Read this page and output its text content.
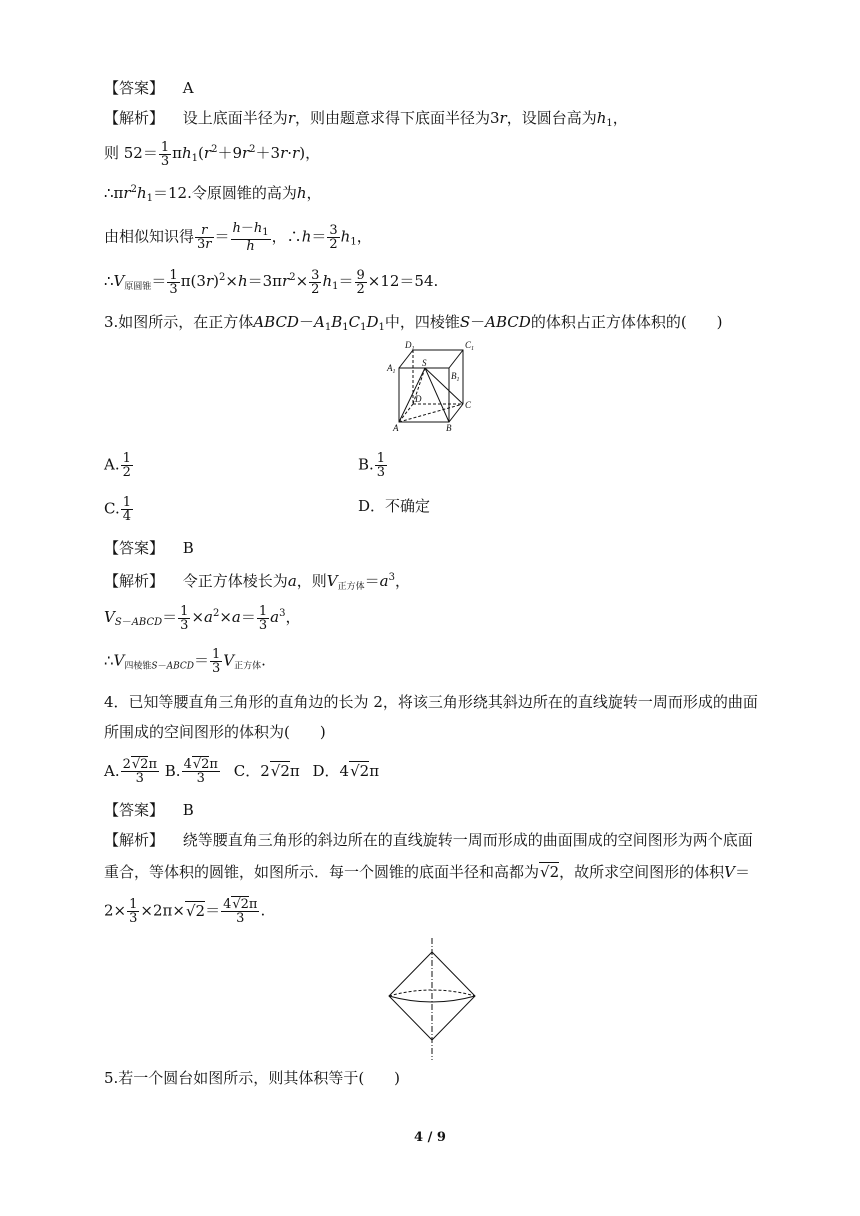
【答案】 A
【解析】 设上底面半径为r，则由题意求得下底面半径为3r，设圆台高为$h_1$，
则 $52= \frac{1}{3} \pi h_1(r^2+9r^2+3r\cdot r)$，
$\therefore\pi r^2h_1=12$.令原圆锥的高为h，
由相似知识得 $\frac{r}{3r} = \frac{h-h_1}{h}$ ，∴h＝ $\frac{3}{2} h_1$，
$\therefore V_{原圆锥}= \frac{1}{3} \pi(3r)^2\times h=3\pi r^2\times \frac{3}{2} h_1= \frac{9}{2} \times 12=54$.
3.如图所示，在正方体$ABCD-A_1B_1C_1D_1$中，四棱锥S－ABCD的体积占正方体体积的(　　)
$D_1$	$C_1$
$A_1$
S
$B_1$
D
C
A	B
A. $\frac{1}{2}$	B. $\frac{1}{3}$
C. $\frac{1}{4}$	D．不确定
【答案】 B
【解析】 令正方体棱长为a，则$V_{正方体}=a^3$，
$V_{S-ABCD}= \frac{1}{3} \times a^2\times a= \frac{1}{3} a^3$，
$\therefore V_{四棱锥S-ABCD}= \frac{1}{3} V_{正方体}$.
4．已知等腰直角三角形的直角边的长为 2，将该三角形绕其斜边所在的直线旋转一周而形成的曲面
所围成的空间图形的体积为(　　)
A. $\frac{2√2\pi}{3} B$. $\frac{4√2\pi}{3}$ C．2√2π D．4√2π
【答案】 B
【解析】 绕等腰直角三角形的斜边所在的直线旋转一周而形成的曲面围成的空间图形为两个底面
重合，等体积的圆锥，如图所示．每一个圆锥的底面半径和高都为√2，故所求空间图形的体积V＝
$2\times \frac{1}{3} \times 2\pi\times√2= \frac{4√2\pi}{3}$ .
5.若一个圆台如图所示，则其体积等于(　　)
4 / 9
